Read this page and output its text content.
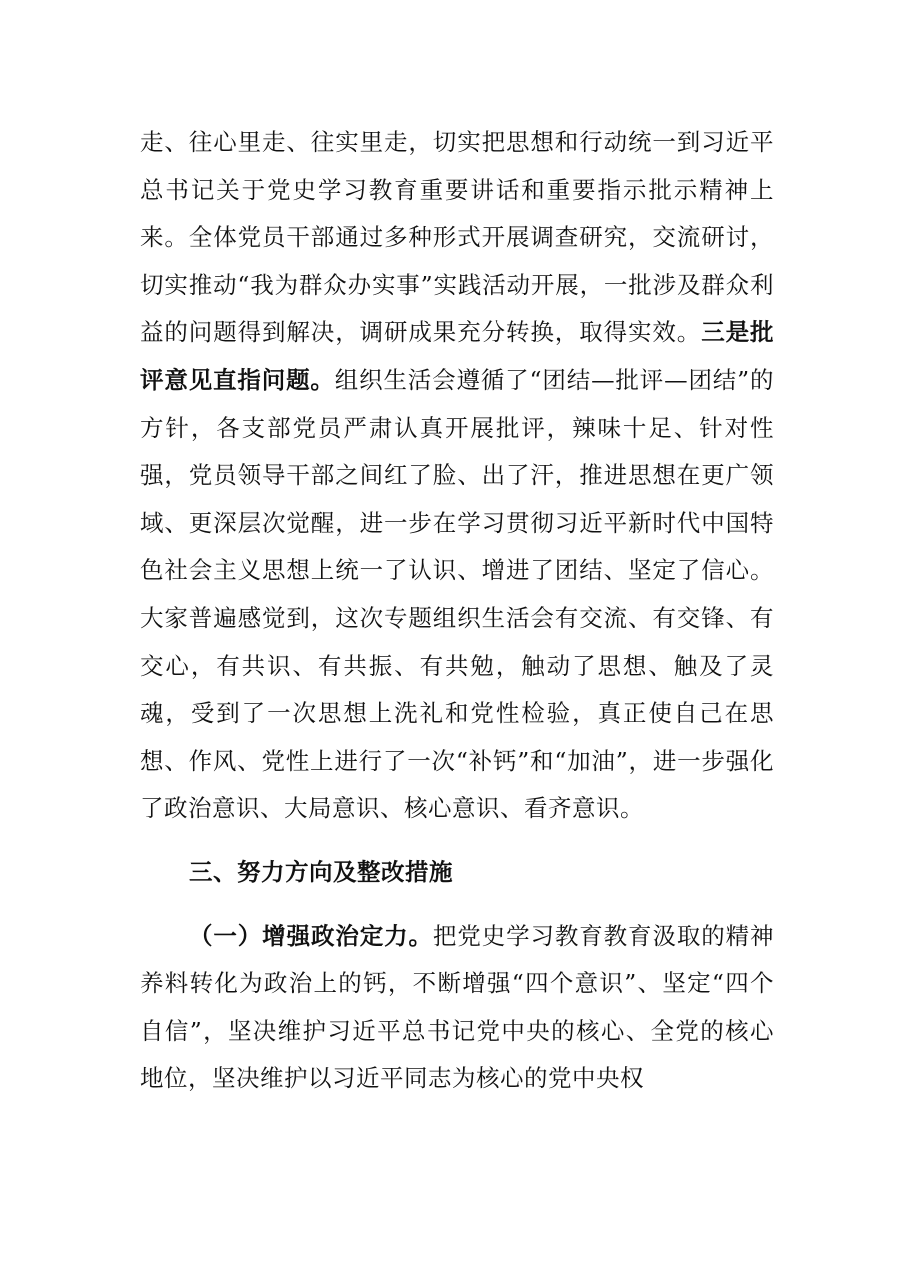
走、往心里走、往实里走，切实把思想和行动统一到习近平总书记关于党史学习教育重要讲话和重要指示批示精神上来。全体党员干部通过多种形式开展调查研究，交流研讨，切实推动“我为群众办实事”实践活动开展，一批涉及群众利益的问题得到解决，调研成果充分转换，取得实效。三是批评意见直指问题。组织生活会遵循了“团结—批评—团结”的方针，各支部党员严肃认真开展批评，辣味十足、针对性强，党员领导干部之间红了脸、出了汗，推进思想在更广领域、更深层次觉醒，进一步在学习贯彻习近平新时代中国特色社会主义思想上统一了认识、增进了团结、坚定了信心。大家普遍感觉到，这次专题组织生活会有交流、有交锋、有交心，有共识、有共振、有共勉，触动了思想、触及了灵魂，受到了一次思想上洗礼和党性检验，真正使自己在思想、作风、党性上进行了一次“补钙”和“加油”，进一步强化了政治意识、大局意识、核心意识、看齐意识。

三、努力方向及整改措施

（一）增强政治定力。把党史学习教育教育汲取的精神养料转化为政治上的钙，不断增强“四个意识”、坚定“四个自信”，坚决维护习近平总书记党中央的核心、全党的核心地位，坚决维护以习近平同志为核心的党中央权
